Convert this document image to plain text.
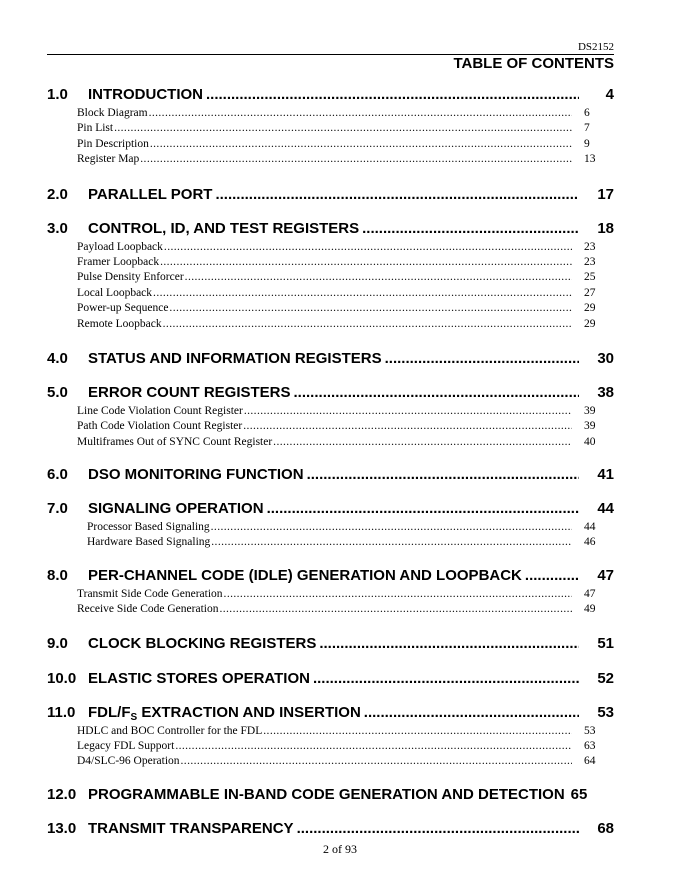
DS2152
TABLE OF CONTENTS
1.0	INTRODUCTION .....	4
Block Diagram .....	6
Pin List .....	7
Pin Description .....	9
Register Map .....	13
2.0	PARALLEL PORT .....	17
3.0	CONTROL, ID, AND TEST REGISTERS .....	18
Payload Loopback .....	23
Framer Loopback .....	23
Pulse Density Enforcer .....	25
Local Loopback .....	27
Power-up Sequence .....	29
Remote Loopback .....	29
4.0	STATUS AND INFORMATION REGISTERS .....	30
5.0	ERROR COUNT REGISTERS .....	38
Line Code Violation Count Register .....	39
Path Code Violation Count Register .....	39
Multiframes Out of SYNC Count Register .....	40
6.0	DSO MONITORING FUNCTION .....	41
7.0	SIGNALING OPERATION .....	44
Processor Based Signaling .....	44
Hardware Based Signaling .....	46
8.0	PER-CHANNEL CODE (IDLE) GENERATION AND LOOPBACK .....	47
Transmit Side Code Generation .....	47
Receive Side Code Generation .....	49
9.0	CLOCK BLOCKING REGISTERS .....	51
10.0 ELASTIC STORES OPERATION .....	52
11.0 FDL/$F_S$ EXTRACTION AND INSERTION .....	53
HDLC and BOC Controller for the FDL .....	53
Legacy FDL Support .....	63
D4/SLC-96 Operation .....	64
12.0 PROGRAMMABLE IN-BAND CODE GENERATION AND DETECTION 65
13.0 TRANSMIT TRANSPARENCY .....	68
2 of 93
